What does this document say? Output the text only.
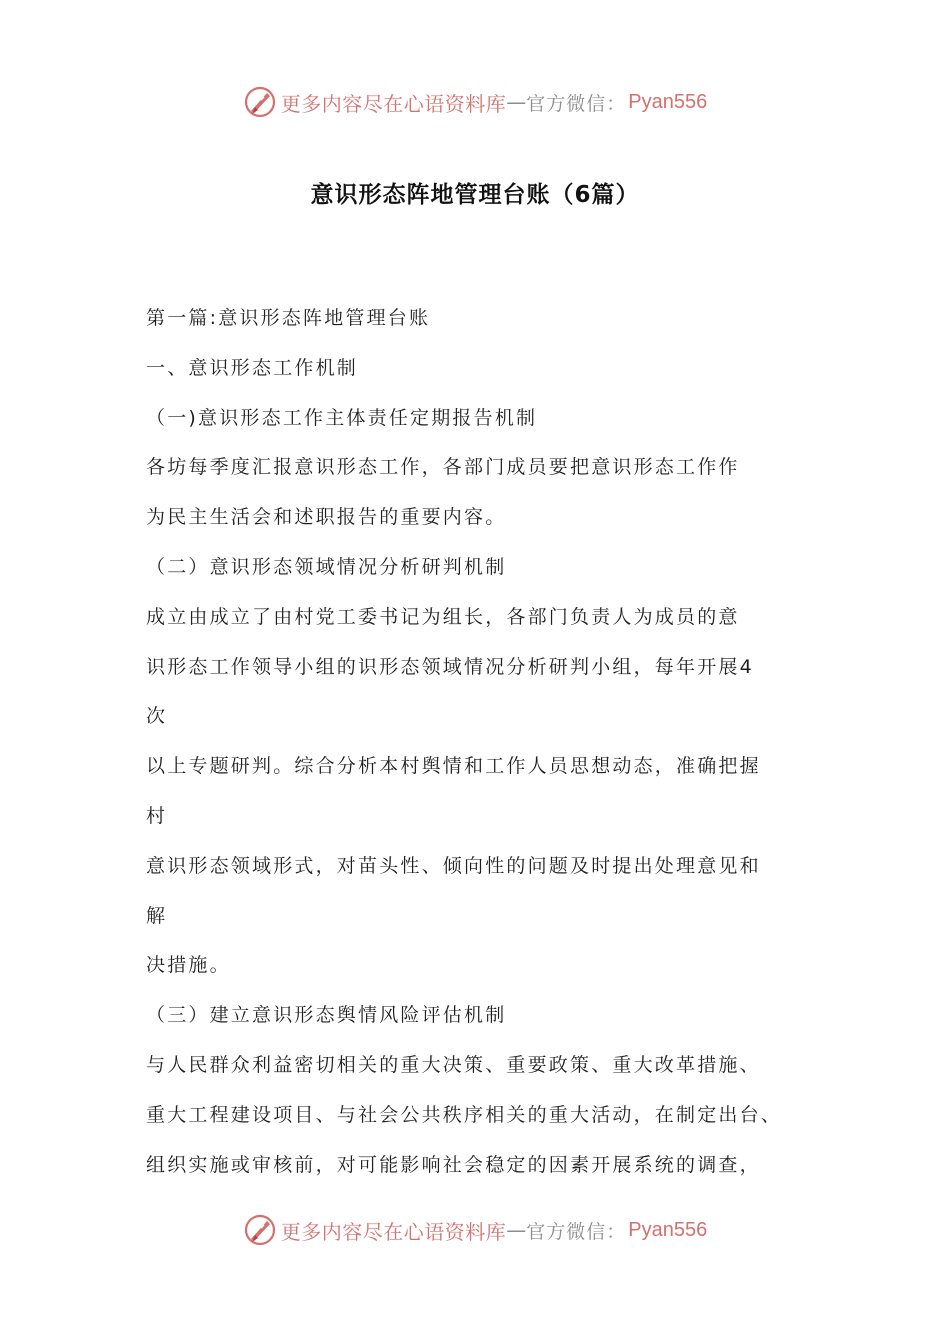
更多内容尽在心语资料库 — 官方微信： Pyan556
意识形态阵地管理台账（6篇）
第一篇:意识形态阵地管理台账
一、意识形态工作机制
（一)意识形态工作主体责任定期报告机制
各坊每季度汇报意识形态工作，各部门成员要把意识形态工作作
为民主生活会和述职报告的重要内容。
（二）意识形态领域情况分析研判机制
成立由成立了由村党工委书记为组长，各部门负责人为成员的意
识形态工作领导小组的识形态领域情况分析研判小组，每年开展4
次
以上专题研判。综合分析本村舆情和工作人员思想动态，准确把握
村
意识形态领域形式，对苗头性、倾向性的问题及时提出处理意见和
解
决措施。
（三）建立意识形态舆情风险评估机制
与人民群众利益密切相关的重大决策、重要政策、重大改革措施、
重大工程建设项目、与社会公共秩序相关的重大活动，在制定出台、
组织实施或审核前，对可能影响社会稳定的因素开展系统的调查，
更多内容尽在心语资料库 — 官方微信： Pyan556
